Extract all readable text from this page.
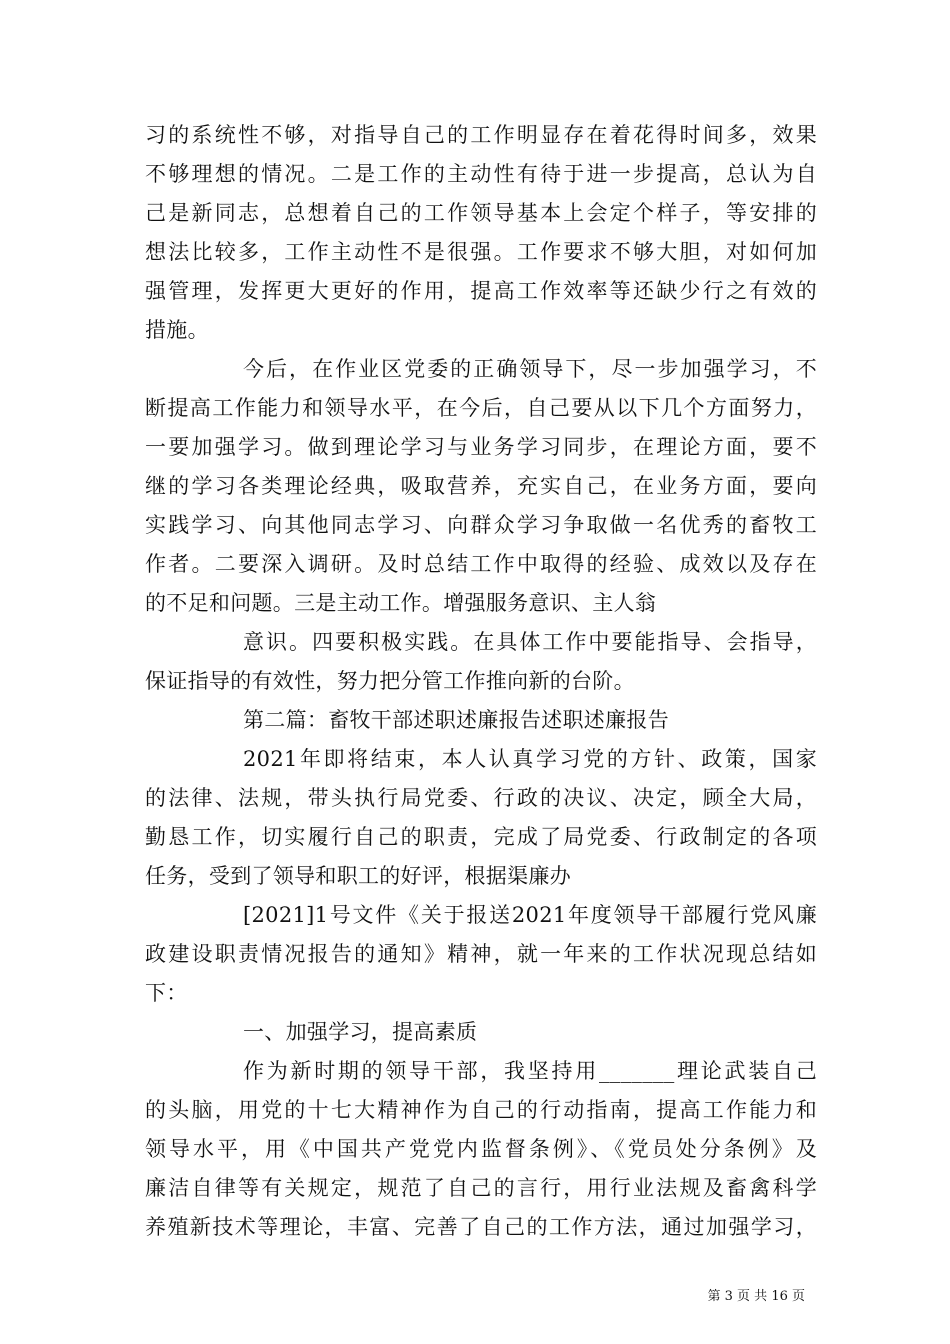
习的系统性不够，对指导自己的工作明显存在着花得时间多，效果
不够理想的情况。二是工作的主动性有待于进一步提高，总认为自
己是新同志，总想着自己的工作领导基本上会定个样子，等安排的
想法比较多，工作主动性不是很强。工作要求不够大胆，对如何加
强管理，发挥更大更好的作用，提高工作效率等还缺少行之有效的
措施。
今后，在作业区党委的正确领导下，尽一步加强学习，不
断提高工作能力和领导水平，在今后，自己要从以下几个方面努力，
一要加强学习。做到理论学习与业务学习同步，在理论方面，要不
继的学习各类理论经典，吸取营养，充实自己，在业务方面，要向
实践学习、向其他同志学习、向群众学习争取做一名优秀的畜牧工
作者。二要深入调研。及时总结工作中取得的经验、成效以及存在
的不足和问题。三是主动工作。增强服务意识、主人翁
意识。四要积极实践。在具体工作中要能指导、会指导，
保证指导的有效性，努力把分管工作推向新的台阶。
第二篇：畜牧干部述职述廉报告述职述廉报告
2021年即将结束，本人认真学习党的方针、政策，国家
的法律、法规，带头执行局党委、行政的决议、决定，顾全大局，
勤恳工作，切实履行自己的职责，完成了局党委、行政制定的各项
任务，受到了领导和职工的好评，根据渠廉办
[2021]1号文件《关于报送2021年度领导干部履行党风廉
政建设职责情况报告的通知》精神，就一年来的工作状况现总结如
下：
一、加强学习，提高素质
作为新时期的领导干部，我坚持用_______理论武装自己
的头脑，用党的十七大精神作为自己的行动指南，提高工作能力和
领导水平，用《中国共产党党内监督条例》、《党员处分条例》及
廉洁自律等有关规定，规范了自己的言行，用行业法规及畜禽科学
养殖新技术等理论，丰富、完善了自己的工作方法，通过加强学习，
第 3 页 共 16 页
